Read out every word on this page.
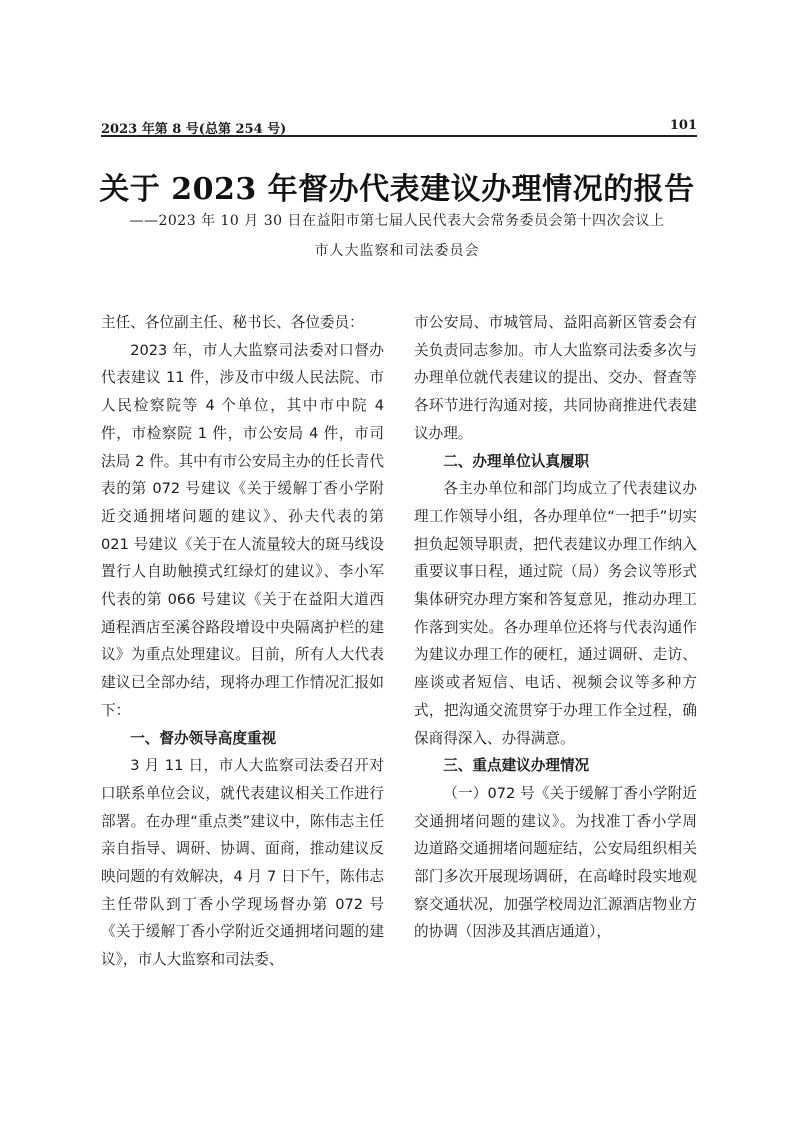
2023 年第 8 号(总第 254 号)	101
关于 2023 年督办代表建议办理情况的报告
——2023 年 10 月 30 日在益阳市第七届人民代表大会常务委员会第十四次会议上
市人大监察和司法委员会

主任、各位副主任、秘书长、各位委员：

2023 年，市人大监察司法委对口督办代表建议 11 件，涉及市中级人民法院、市人民检察院等 4 个单位，其中市中院 4 件，市检察院 1 件，市公安局 4 件，市司法局 2 件。其中有市公安局主办的任长青代表的第 072 号建议《关于缓解丁香小学附近交通拥堵问题的建议》、孙夫代表的第 021 号建议《关于在人流量较大的斑马线设置行人自助触摸式红绿灯的建议》、李小军代表的第 066 号建议《关于在益阳大道西通程酒店至溪谷路段增设中央隔离护栏的建议》为重点处理建议。目前，所有人大代表建议已全部办结，现将办理工作情况汇报如下：

一、督办领导高度重视

3 月 11 日，市人大监察司法委召开对口联系单位会议，就代表建议相关工作进行部署。在办理“重点类”建议中，陈伟志主任亲自指导、调研、协调、面商，推动建议反映问题的有效解决，4 月 7 日下午，陈伟志主任带队到丁香小学现场督办第 072 号《关于缓解丁香小学附近交通拥堵问题的建议》，市人大监察和司法委、

市公安局、市城管局、益阳高新区管委会有关负责同志参加。市人大监察司法委多次与办理单位就代表建议的提出、交办、督查等各环节进行沟通对接，共同协商推进代表建议办理。

二、办理单位认真履职

各主办单位和部门均成立了代表建议办理工作领导小组，各办理单位“一把手”切实担负起领导职责，把代表建议办理工作纳入重要议事日程，通过院（局）务会议等形式集体研究办理方案和答复意见，推动办理工作落到实处。各办理单位还将与代表沟通作为建议办理工作的硬杠，通过调研、走访、座谈或者短信、电话、视频会议等多种方式，把沟通交流贯穿于办理工作全过程，确保商得深入、办得满意。

三、重点建议办理情况

（一）072 号《关于缓解丁香小学附近交通拥堵问题的建议》。为找准丁香小学周边道路交通拥堵问题症结，公安局组织相关部门多次开展现场调研，在高峰时段实地观察交通状况，加强学校周边汇源酒店物业方的协调（因涉及其酒店通道），
